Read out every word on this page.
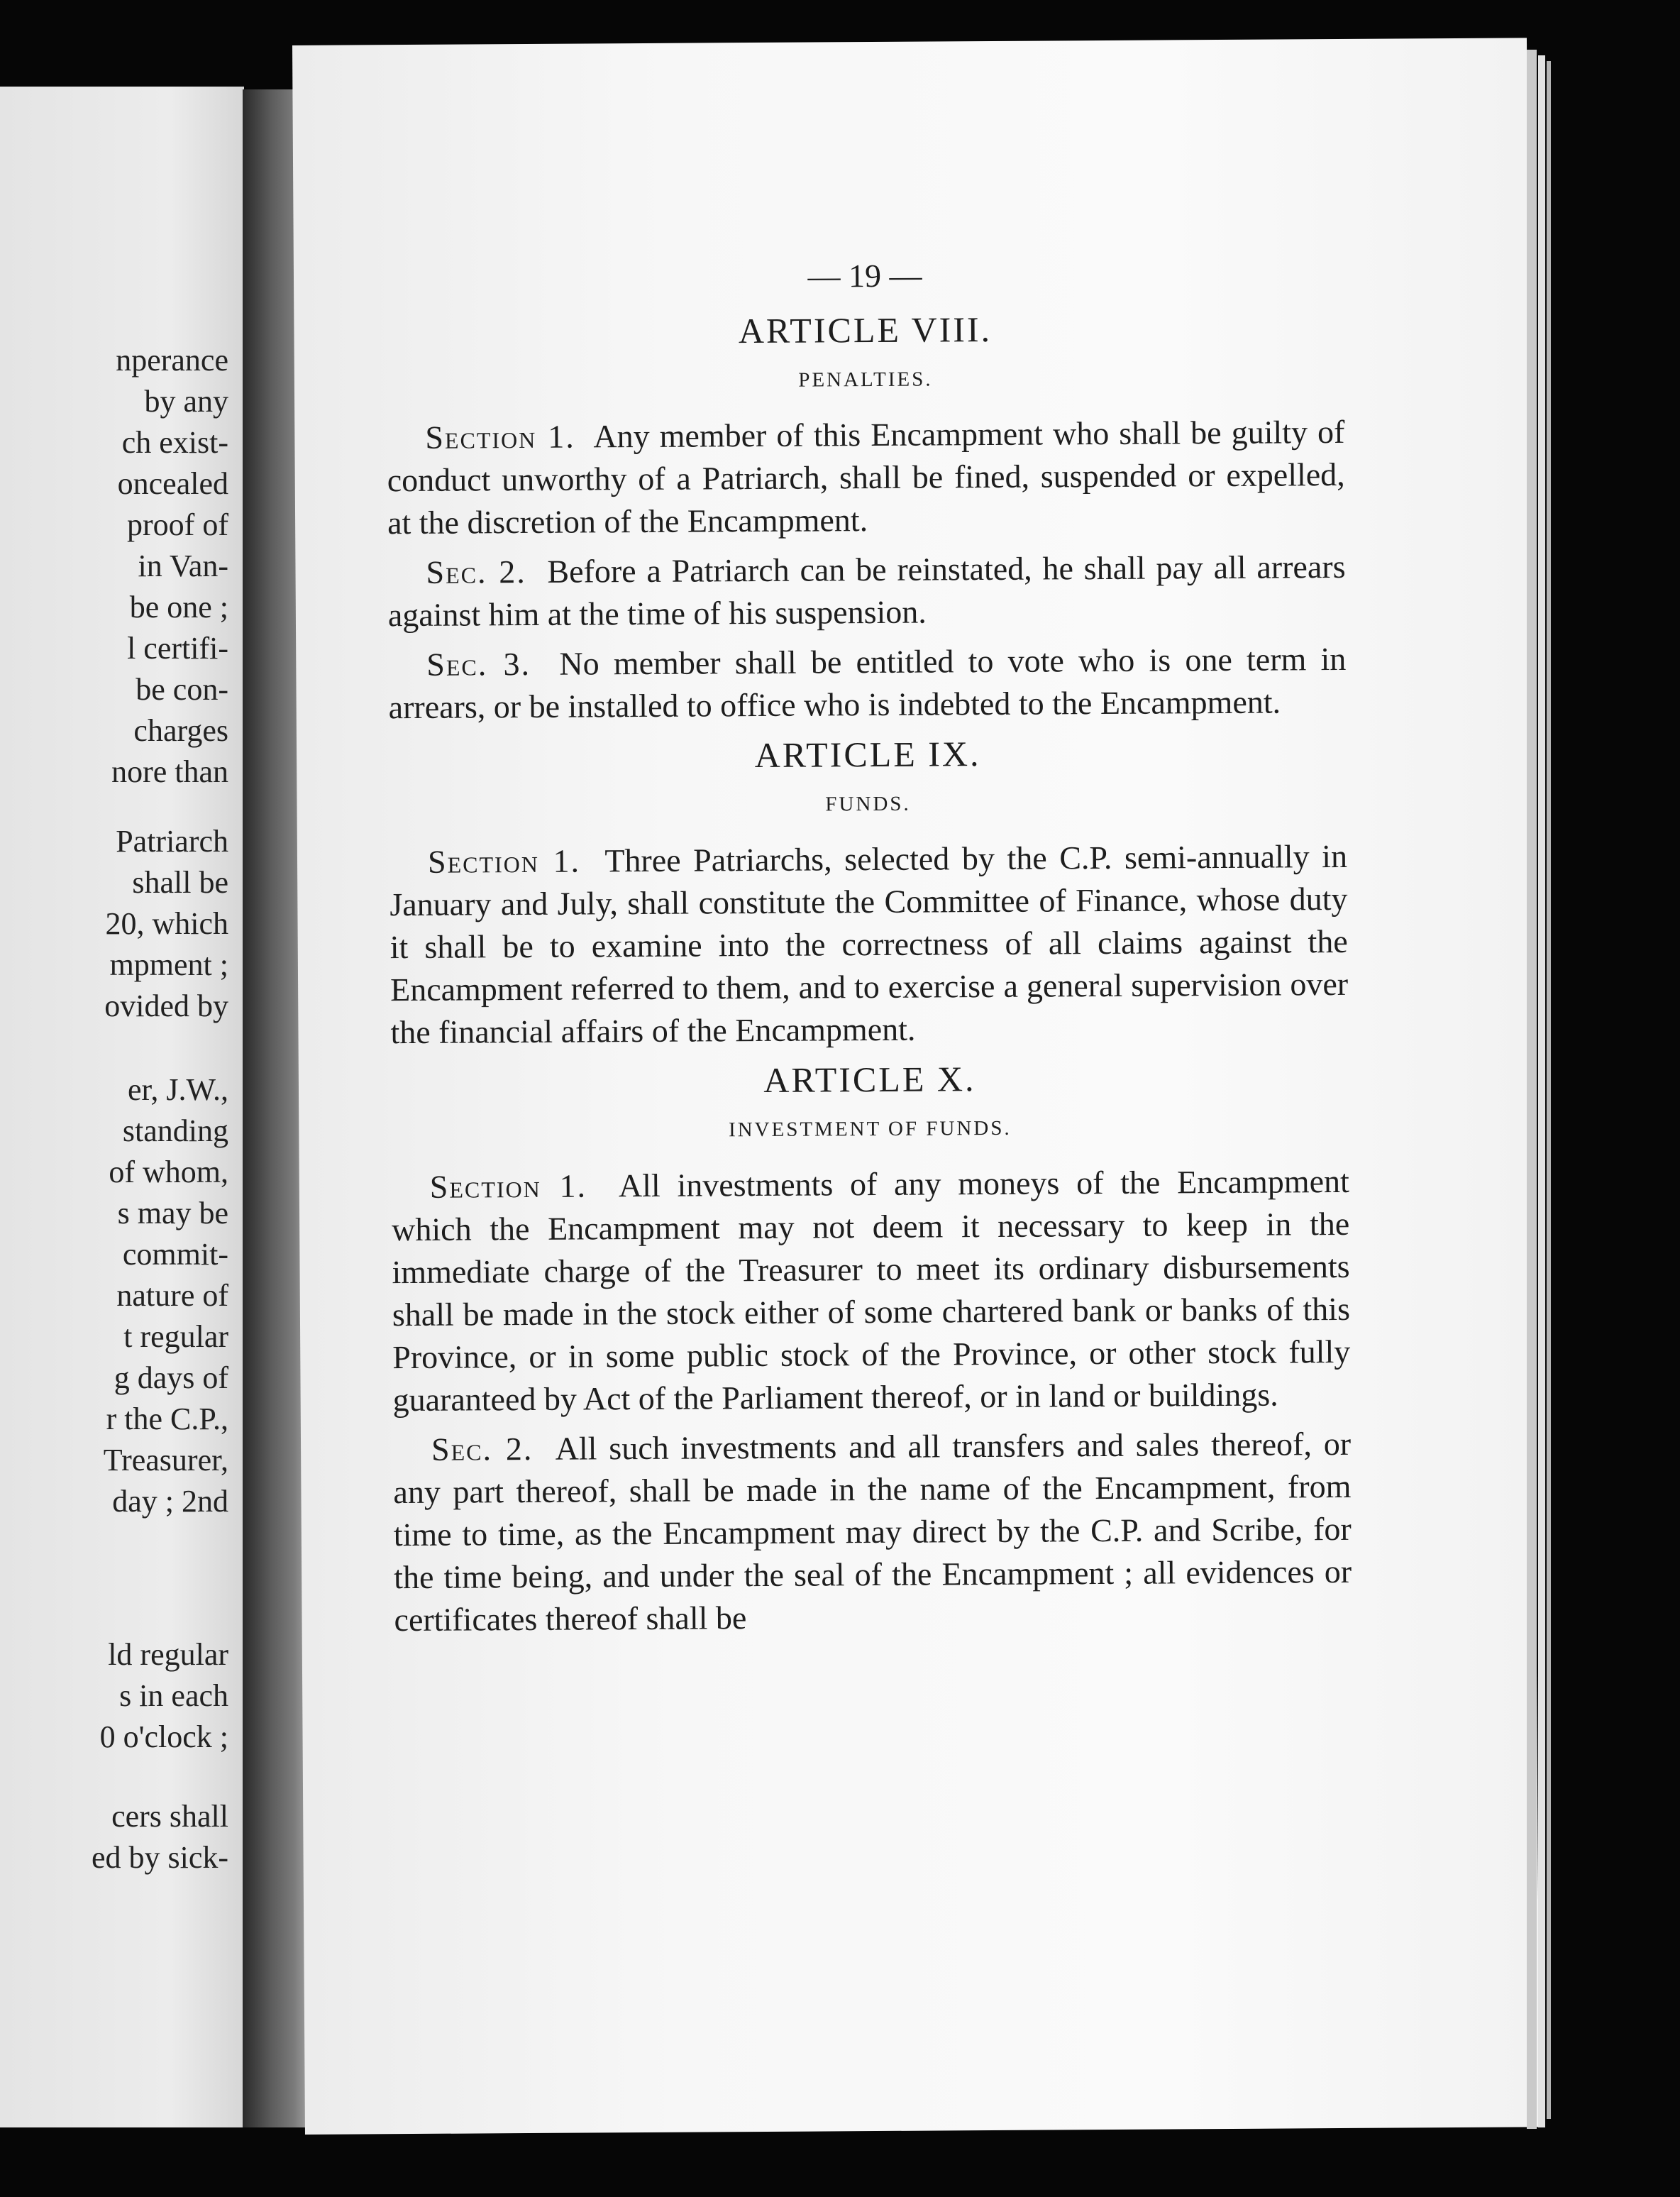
nperance
by any
ch exist-
oncealed
proof of
in Van-
be one ;
l certifi-
be con-
charges
nore than
Patriarch
shall be
20, which
mpment ;
ovided by
er, J.W.,
standing
of whom,
s may be
commit-
nature of
t regular
g days of
r the C.P.,
Treasurer,
day ; 2nd
ld regular
s in each
0 o'clock ;
cers shall
ed by sick-
— 19 —
ARTICLE VIII.
PENALTIES.

Section 1. Any member of this Encampment who shall be guilty of conduct unworthy of a Patriarch, shall be fined, suspended or expelled, at the discretion of the Encampment.

Sec. 2. Before a Patriarch can be reinstated, he shall pay all arrears against him at the time of his suspension.

Sec. 3. No member shall be entitled to vote who is one term in arrears, or be installed to office who is indebted to the Encampment.

ARTICLE IX.
FUNDS.

Section 1. Three Patriarchs, selected by the C.P. semi-annually in January and July, shall constitute the Committee of Finance, whose duty it shall be to examine into the correctness of all claims against the Encampment referred to them, and to exercise a general supervision over the financial affairs of the Encampment.

ARTICLE X.
INVESTMENT OF FUNDS.

Section 1. All investments of any moneys of the Encampment which the Encampment may not deem it necessary to keep in the immediate charge of the Treasurer to meet its ordinary disbursements shall be made in the stock either of some chartered bank or banks of this Province, or in some public stock of the Province, or other stock fully guaranteed by Act of the Parliament thereof, or in land or buildings.

Sec. 2. All such investments and all transfers and sales thereof, or any part thereof, shall be made in the name of the Encampment, from time to time, as the Encampment may direct by the C.P. and Scribe, for the time being, and under the seal of the Encampment ; all evidences or certificates thereof shall be
